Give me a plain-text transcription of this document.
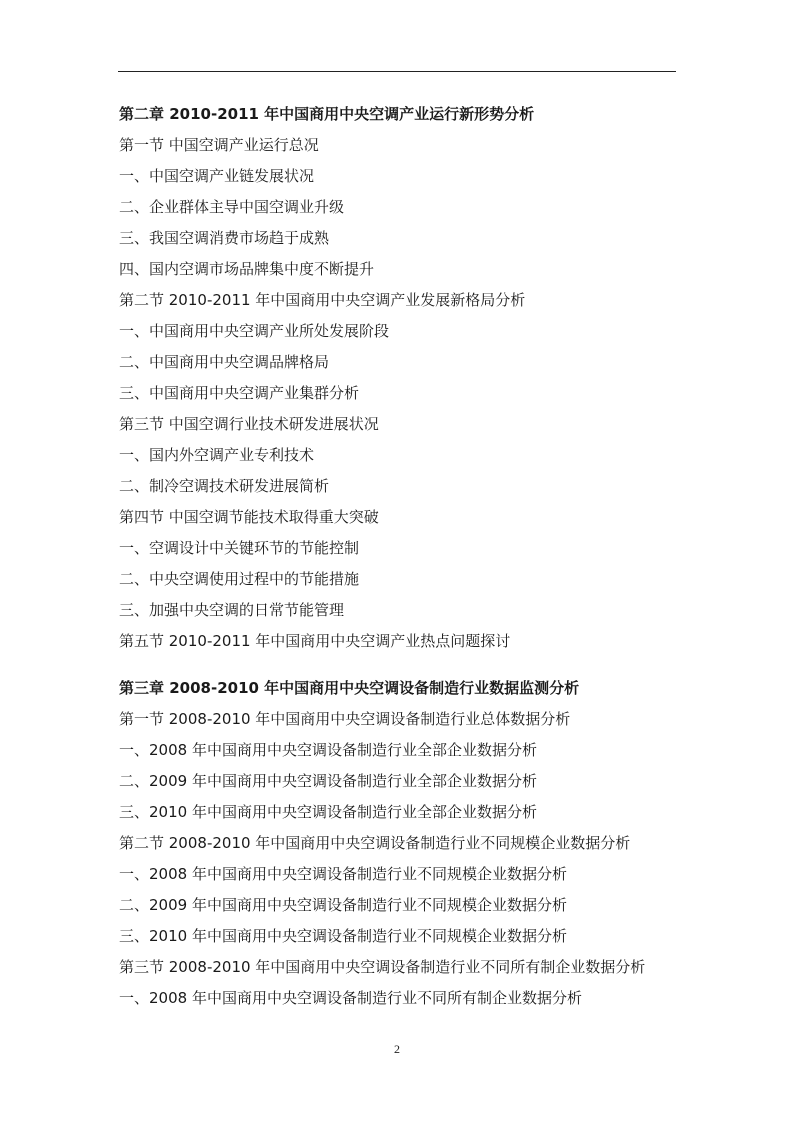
第二章 2010-2011 年中国商用中央空调产业运行新形势分析
第一节 中国空调产业运行总况
一、中国空调产业链发展状况
二、企业群体主导中国空调业升级
三、我国空调消费市场趋于成熟
四、国内空调市场品牌集中度不断提升
第二节 2010-2011 年中国商用中央空调产业发展新格局分析
一、中国商用中央空调产业所处发展阶段
二、中国商用中央空调品牌格局
三、中国商用中央空调产业集群分析
第三节 中国空调行业技术研发进展状况
一、国内外空调产业专利技术
二、制冷空调技术研发进展简析
第四节 中国空调节能技术取得重大突破
一、空调设计中关键环节的节能控制
二、中央空调使用过程中的节能措施
三、加强中央空调的日常节能管理
第五节 2010-2011 年中国商用中央空调产业热点问题探讨
第三章 2008-2010 年中国商用中央空调设备制造行业数据监测分析
第一节 2008-2010 年中国商用中央空调设备制造行业总体数据分析
一、2008 年中国商用中央空调设备制造行业全部企业数据分析
二、2009 年中国商用中央空调设备制造行业全部企业数据分析
三、2010 年中国商用中央空调设备制造行业全部企业数据分析
第二节 2008-2010 年中国商用中央空调设备制造行业不同规模企业数据分析
一、2008 年中国商用中央空调设备制造行业不同规模企业数据分析
二、2009 年中国商用中央空调设备制造行业不同规模企业数据分析
三、2010 年中国商用中央空调设备制造行业不同规模企业数据分析
第三节 2008-2010 年中国商用中央空调设备制造行业不同所有制企业数据分析
一、2008 年中国商用中央空调设备制造行业不同所有制企业数据分析
2
